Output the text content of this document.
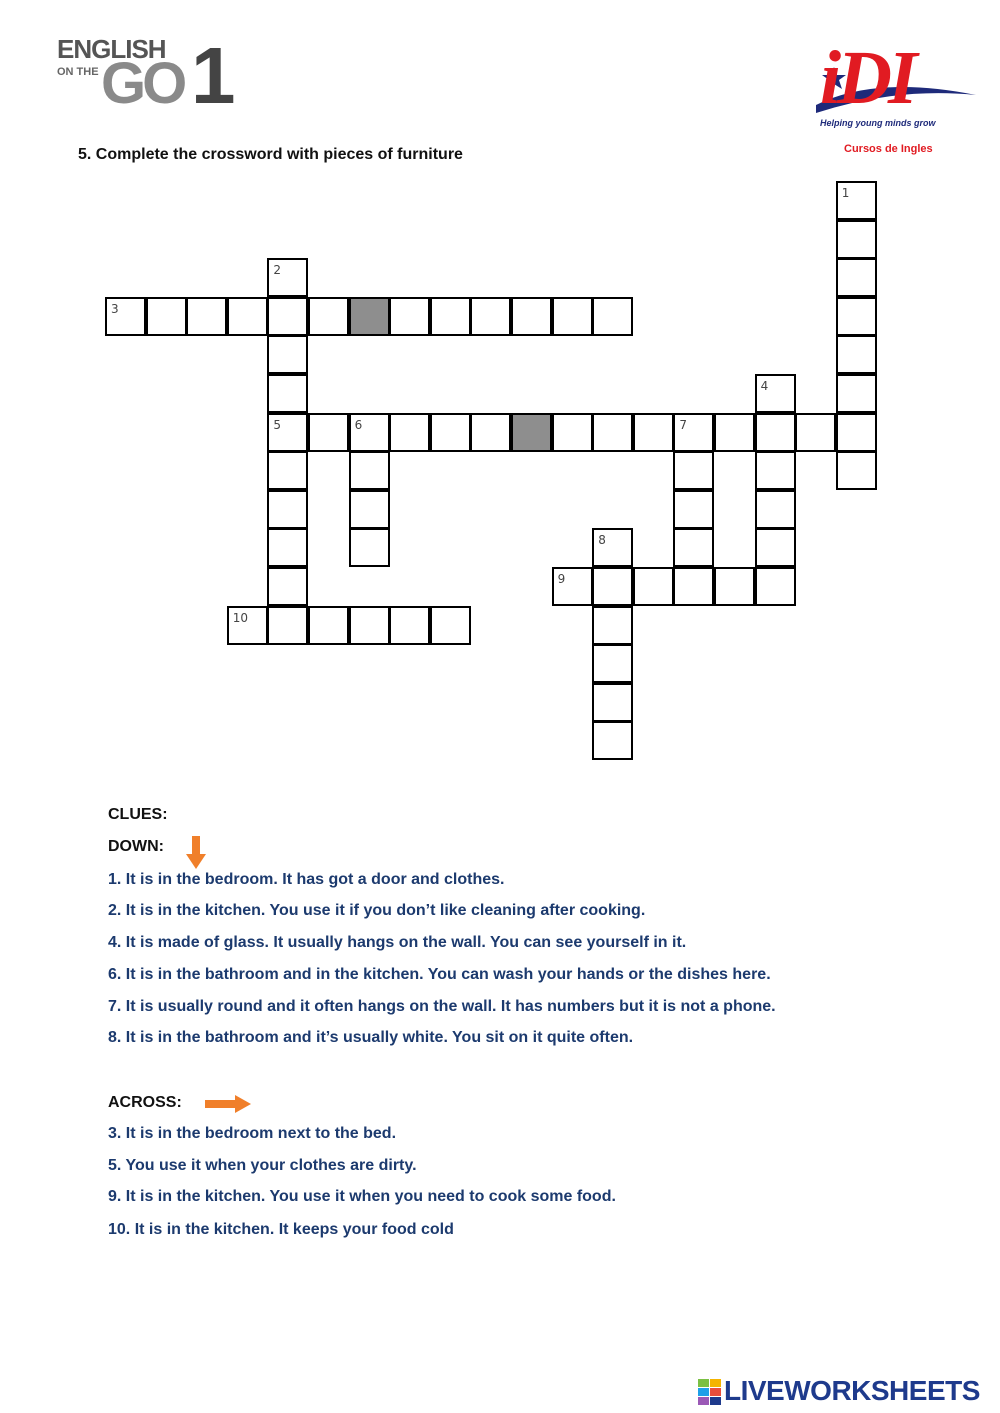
ENGLISH
ON THE GO 1	iDI
Helping young minds grow
Cursos de Ingles
5. Complete the crossword with pieces of furniture
1
2
5
3
4
6	7
8
9
10
CLUES:
DOWN:
1. It is in the bedroom. It has got a door and clothes.
2. It is in the kitchen. You use it if you don’t like cleaning after cooking.
4. It is made of glass. It usually hangs on the wall. You can see yourself in it.
6. It is in the bathroom and in the kitchen. You can wash your hands or the dishes here.
7. It is usually round and it often hangs on the wall. It has numbers but it is not a phone.
8. It is in the bathroom and it’s usually white. You sit on it quite often.
ACROSS:
3. It is in the bedroom next to the bed.
5. You use it when your clothes are dirty.
9. It is in the kitchen. You use it when you need to cook some food.
10. It is in the kitchen. It keeps your food cold
LIVEWORKSHEETS
